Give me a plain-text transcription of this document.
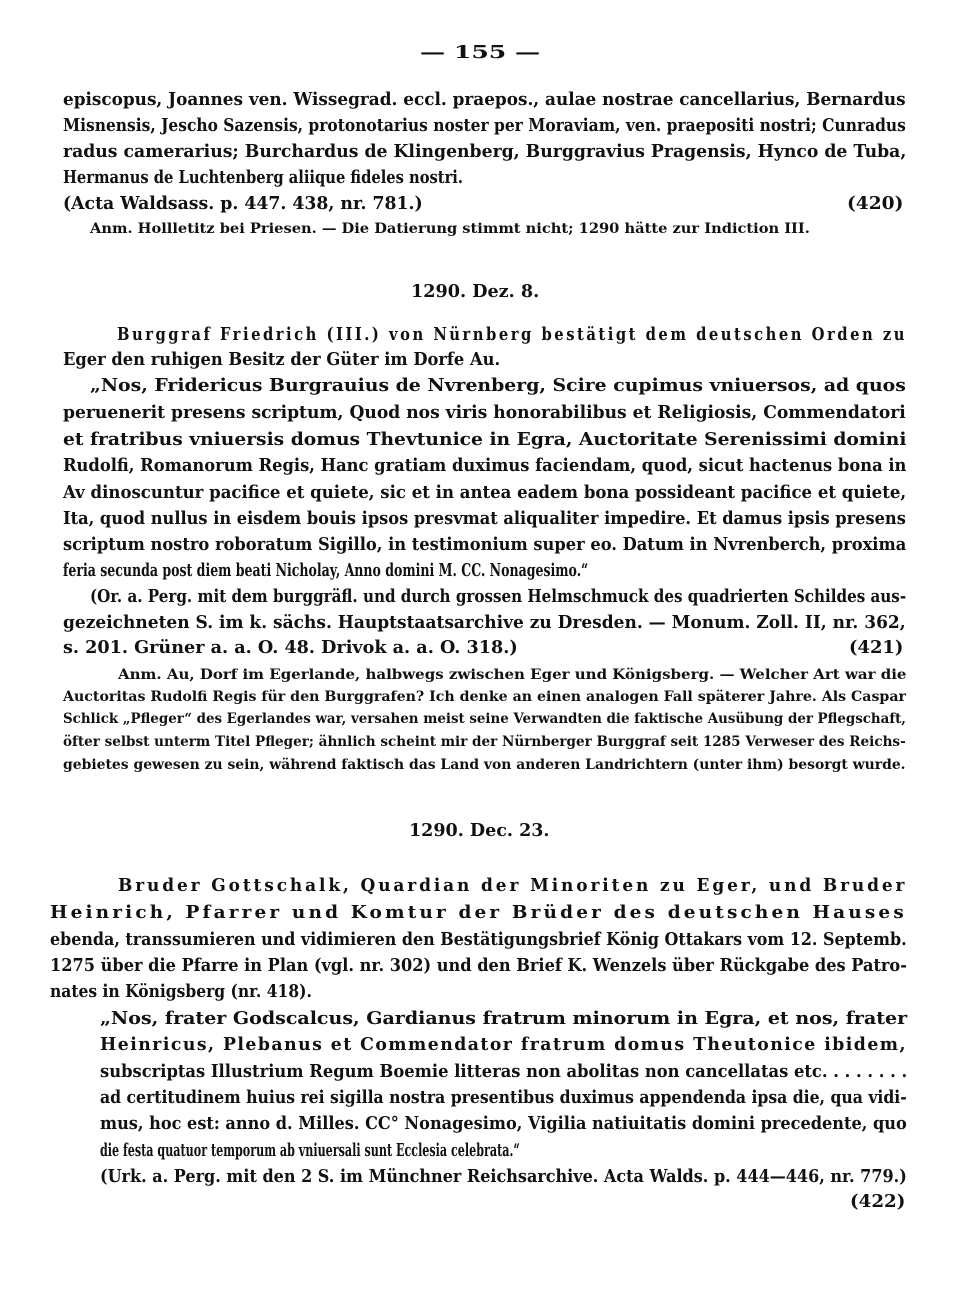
— 155 —
episcopus, Joannes ven. Wissegrad. eccl. praepos., aulae nostrae cancellarius, Bernardus
Misnensis, Jescho Sazensis, protonotarius noster per Moraviam, ven. praepositi nostri; Cunradus
radus camerarius; Burchardus de Klingenberg, Burggravius Pragensis, Hynco de Tuba,
Hermanus de Luchtenberg aliique fideles nostri.
(Acta Waldsass. p. 447. 438, nr. 781.)	(420)
Anm. Hollletitz bei Priesen. — Die Datierung stimmt nicht; 1290 hätte zur Indiction III.
1290. Dez. 8.
Burggraf Friedrich (III.) von Nürnberg bestätigt dem deutschen Orden zu
Eger den ruhigen Besitz der Güter im Dorfe Au.
„Nos, Fridericus Burgrauius de Nvrenberg, Scire cupimus vniuersos, ad quos
peruenerit presens scriptum, Quod nos viris honorabilibus et Religiosis, Commendatori
et fratribus vniuersis domus Thevtunice in Egra, Auctoritate Serenissimi domini
Rudolfi, Romanorum Regis, Hanc gratiam duximus faciendam, quod, sicut hactenus bona in
Av dinoscuntur pacifice et quiete, sic et in antea eadem bona possideant pacifice et quiete,
Ita, quod nullus in eisdem bouis ipsos presvmat aliqualiter impedire. Et damus ipsis presens
scriptum nostro roboratum Sigillo, in testimonium super eo. Datum in Nvrenberch, proxima
feria secunda post diem beati Nicholay, Anno domini M. CC. Nonagesimo.“
(Or. a. Perg. mit dem burggräfl. und durch grossen Helmschmuck des quadrierten Schildes aus-
gezeichneten S. im k. sächs. Hauptstaatsarchive zu Dresden. — Monum. Zoll. II, nr. 362,
s. 201. Grüner a. a. O. 48. Drivok a. a. O. 318.)	(421)
Anm. Au, Dorf im Egerlande, halbwegs zwischen Eger und Königsberg. — Welcher Art war die
Auctoritas Rudolfi Regis für den Burggrafen? Ich denke an einen analogen Fall späterer Jahre. Als Caspar
Schlick „Pfleger“ des Egerlandes war, versahen meist seine Verwandten die faktische Ausübung der Pflegschaft,
öfter selbst unterm Titel Pfleger; ähnlich scheint mir der Nürnberger Burggraf seit 1285 Verweser des Reichs-
gebietes gewesen zu sein, während faktisch das Land von anderen Landrichtern (unter ihm) besorgt wurde.
1290. Dec. 23.
Bruder Gottschalk, Quardian der Minoriten zu Eger, und Bruder
Heinrich, Pfarrer und Komtur der Brüder des deutschen Hauses
ebenda, transsumieren und vidimieren den Bestätigungsbrief König Ottakars vom 12. Septemb.
1275 über die Pfarre in Plan (vgl. nr. 302) und den Brief K. Wenzels über Rückgabe des Patro-
nates in Königsberg (nr. 418).
„Nos, frater Godscalcus, Gardianus fratrum minorum in Egra, et nos, frater
Heinricus, Plebanus et Commendator fratrum domus Theutonice ibidem,
subscriptas Illustrium Regum Boemie litteras non abolitas non cancellatas etc. . . . . . . .
ad certitudinem huius rei sigilla nostra presentibus duximus appendenda ipsa die, qua vidi-
mus, hoc est: anno d. Milles. CC° Nonagesimo, Vigilia natiuitatis domini precedente, quo
die festa quatuor temporum ab vniuersali sunt Ecclesia celebrata.“
(Urk. a. Perg. mit den 2 S. im Münchner Reichsarchive. Acta Walds. p. 444—446, nr. 779.)
(422)
